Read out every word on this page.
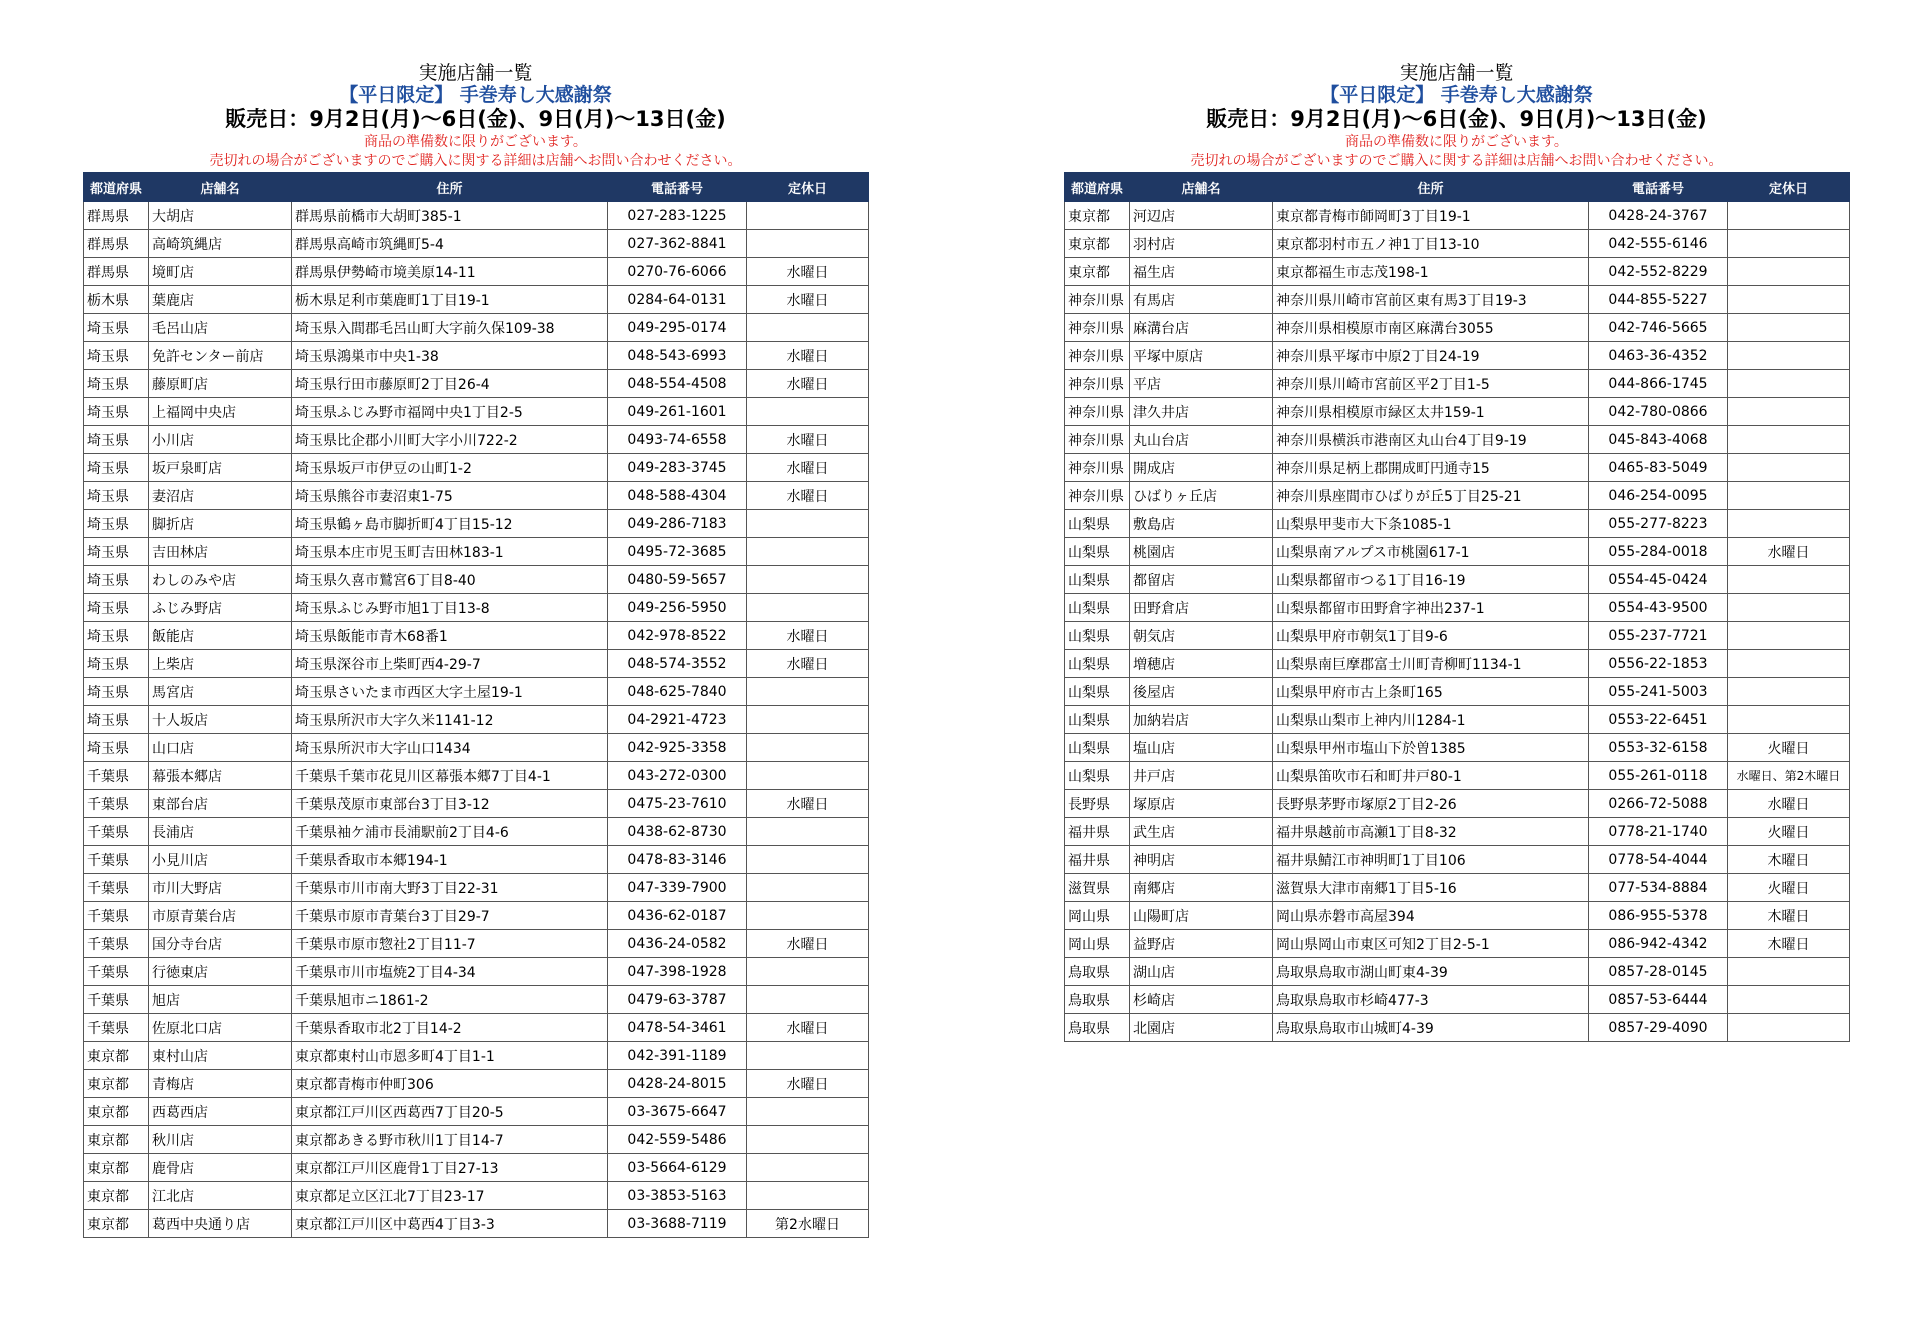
実施店舗一覧
【平日限定】 手巻寿し大感謝祭
販売日：9月2日(月)～6日(金)、9日(月)～13日(金)
商品の準備数に限りがございます。
売切れの場合がございますのでご購入に関する詳細は店舗へお問い合わせください。
都道府県	店舗名	住所	電話番号	定休日
群馬県	大胡店	群馬県前橋市大胡町385-1	027-283-1225	
群馬県	高崎筑縄店	群馬県高崎市筑縄町5-4	027-362-8841	
群馬県	境町店	群馬県伊勢崎市境美原14-11	0270-76-6066	水曜日
栃木県	葉鹿店	栃木県足利市葉鹿町1丁目19-1	0284-64-0131	水曜日
埼玉県	毛呂山店	埼玉県入間郡毛呂山町大字前久保109-38	049-295-0174	
埼玉県	免許センター前店	埼玉県鴻巣市中央1-38	048-543-6993	水曜日
埼玉県	藤原町店	埼玉県行田市藤原町2丁目26-4	048-554-4508	水曜日
埼玉県	上福岡中央店	埼玉県ふじみ野市福岡中央1丁目2-5	049-261-1601	
埼玉県	小川店	埼玉県比企郡小川町大字小川722-2	0493-74-6558	水曜日
埼玉県	坂戸泉町店	埼玉県坂戸市伊豆の山町1-2	049-283-3745	水曜日
埼玉県	妻沼店	埼玉県熊谷市妻沼東1-75	048-588-4304	水曜日
埼玉県	脚折店	埼玉県鶴ヶ島市脚折町4丁目15-12	049-286-7183	
埼玉県	吉田林店	埼玉県本庄市児玉町吉田林183-1	0495-72-3685	
埼玉県	わしのみや店	埼玉県久喜市鷲宮6丁目8-40	0480-59-5657	
埼玉県	ふじみ野店	埼玉県ふじみ野市旭1丁目13-8	049-256-5950	
埼玉県	飯能店	埼玉県飯能市青木68番1	042-978-8522	水曜日
埼玉県	上柴店	埼玉県深谷市上柴町西4-29-7	048-574-3552	水曜日
埼玉県	馬宮店	埼玉県さいたま市西区大字土屋19-1	048-625-7840	
埼玉県	十人坂店	埼玉県所沢市大字久米1141-12	04-2921-4723	
埼玉県	山口店	埼玉県所沢市大字山口1434	042-925-3358	
千葉県	幕張本郷店	千葉県千葉市花見川区幕張本郷7丁目4-1	043-272-0300	
千葉県	東部台店	千葉県茂原市東部台3丁目3-12	0475-23-7610	水曜日
千葉県	長浦店	千葉県袖ケ浦市長浦駅前2丁目4-6	0438-62-8730	
千葉県	小見川店	千葉県香取市本郷194-1	0478-83-3146	
千葉県	市川大野店	千葉県市川市南大野3丁目22-31	047-339-7900	
千葉県	市原青葉台店	千葉県市原市青葉台3丁目29-7	0436-62-0187	
千葉県	国分寺台店	千葉県市原市惣社2丁目11-7	0436-24-0582	水曜日
千葉県	行徳東店	千葉県市川市塩焼2丁目4-34	047-398-1928	
千葉県	旭店	千葉県旭市ニ1861-2	0479-63-3787	
千葉県	佐原北口店	千葉県香取市北2丁目14-2	0478-54-3461	水曜日
東京都	東村山店	東京都東村山市恩多町4丁目1-1	042-391-1189	
東京都	青梅店	東京都青梅市仲町306	0428-24-8015	水曜日
東京都	西葛西店	東京都江戸川区西葛西7丁目20-5	03-3675-6647	
東京都	秋川店	東京都あきる野市秋川1丁目14-7	042-559-5486	
東京都	鹿骨店	東京都江戸川区鹿骨1丁目27-13	03-5664-6129	
東京都	江北店	東京都足立区江北7丁目23-17	03-3853-5163	
東京都	葛西中央通り店	東京都江戸川区中葛西4丁目3-3	03-3688-7119	第2水曜日
実施店舗一覧
【平日限定】 手巻寿し大感謝祭
販売日：9月2日(月)～6日(金)、9日(月)～13日(金)
商品の準備数に限りがございます。
売切れの場合がございますのでご購入に関する詳細は店舗へお問い合わせください。
都道府県	店舗名	住所	電話番号	定休日
東京都	河辺店	東京都青梅市師岡町3丁目19-1	0428-24-3767	
東京都	羽村店	東京都羽村市五ノ神1丁目13-10	042-555-6146	
東京都	福生店	東京都福生市志茂198-1	042-552-8229	
神奈川県	有馬店	神奈川県川崎市宮前区東有馬3丁目19-3	044-855-5227	
神奈川県	麻溝台店	神奈川県相模原市南区麻溝台3055	042-746-5665	
神奈川県	平塚中原店	神奈川県平塚市中原2丁目24-19	0463-36-4352	
神奈川県	平店	神奈川県川崎市宮前区平2丁目1-5	044-866-1745	
神奈川県	津久井店	神奈川県相模原市緑区太井159-1	042-780-0866	
神奈川県	丸山台店	神奈川県横浜市港南区丸山台4丁目9-19	045-843-4068	
神奈川県	開成店	神奈川県足柄上郡開成町円通寺15	0465-83-5049	
神奈川県	ひばりヶ丘店	神奈川県座間市ひばりが丘5丁目25-21	046-254-0095	
山梨県	敷島店	山梨県甲斐市大下条1085-1	055-277-8223	
山梨県	桃園店	山梨県南アルプス市桃園617-1	055-284-0018	水曜日
山梨県	都留店	山梨県都留市つる1丁目16-19	0554-45-0424	
山梨県	田野倉店	山梨県都留市田野倉字神出237-1	0554-43-9500	
山梨県	朝気店	山梨県甲府市朝気1丁目9-6	055-237-7721	
山梨県	増穂店	山梨県南巨摩郡富士川町青柳町1134-1	0556-22-1853	
山梨県	後屋店	山梨県甲府市古上条町165	055-241-5003	
山梨県	加納岩店	山梨県山梨市上神内川1284-1	0553-22-6451	
山梨県	塩山店	山梨県甲州市塩山下於曽1385	0553-32-6158	火曜日
山梨県	井戸店	山梨県笛吹市石和町井戸80-1	055-261-0118	水曜日、第2木曜日
長野県	塚原店	長野県茅野市塚原2丁目2-26	0266-72-5088	水曜日
福井県	武生店	福井県越前市高瀬1丁目8-32	0778-21-1740	火曜日
福井県	神明店	福井県鯖江市神明町1丁目106	0778-54-4044	木曜日
滋賀県	南郷店	滋賀県大津市南郷1丁目5-16	077-534-8884	火曜日
岡山県	山陽町店	岡山県赤磐市高屋394	086-955-5378	木曜日
岡山県	益野店	岡山県岡山市東区可知2丁目2-5-1	086-942-4342	木曜日
鳥取県	湖山店	鳥取県鳥取市湖山町東4-39	0857-28-0145	
鳥取県	杉崎店	鳥取県鳥取市杉崎477-3	0857-53-6444	
鳥取県	北園店	鳥取県鳥取市山城町4-39	0857-29-4090	
